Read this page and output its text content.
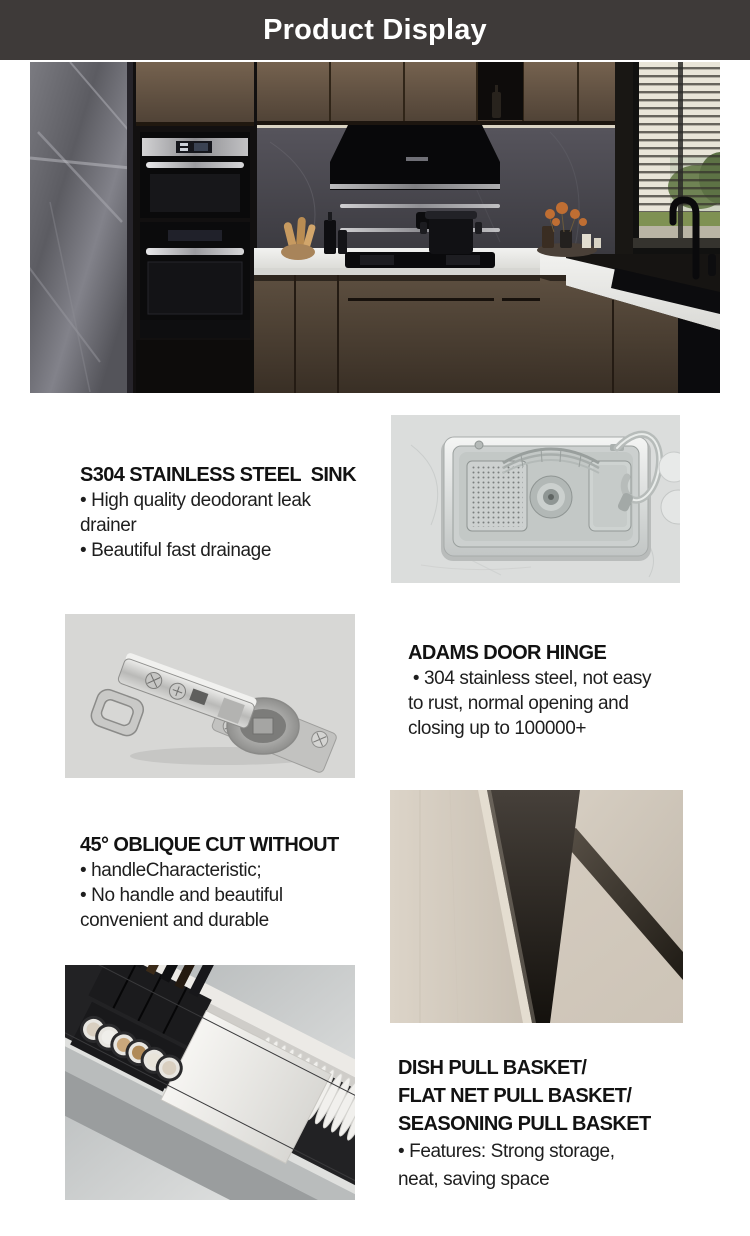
Product Display
S304 STAINLESS STEEL  SINK
• High quality deodorant leak
drainer
• Beautiful fast drainage
ADAMS DOOR HINGE
• 304 stainless steel, not easy
to rust, normal opening and
closing up to 100000+
45° OBLIQUE CUT WITHOUT
• handleCharacteristic;
• No handle and beautiful
convenient and durable
DISH PULL BASKET/
FLAT NET PULL BASKET/
SEASONING PULL BASKET
• Features: Strong storage,
neat, saving space
